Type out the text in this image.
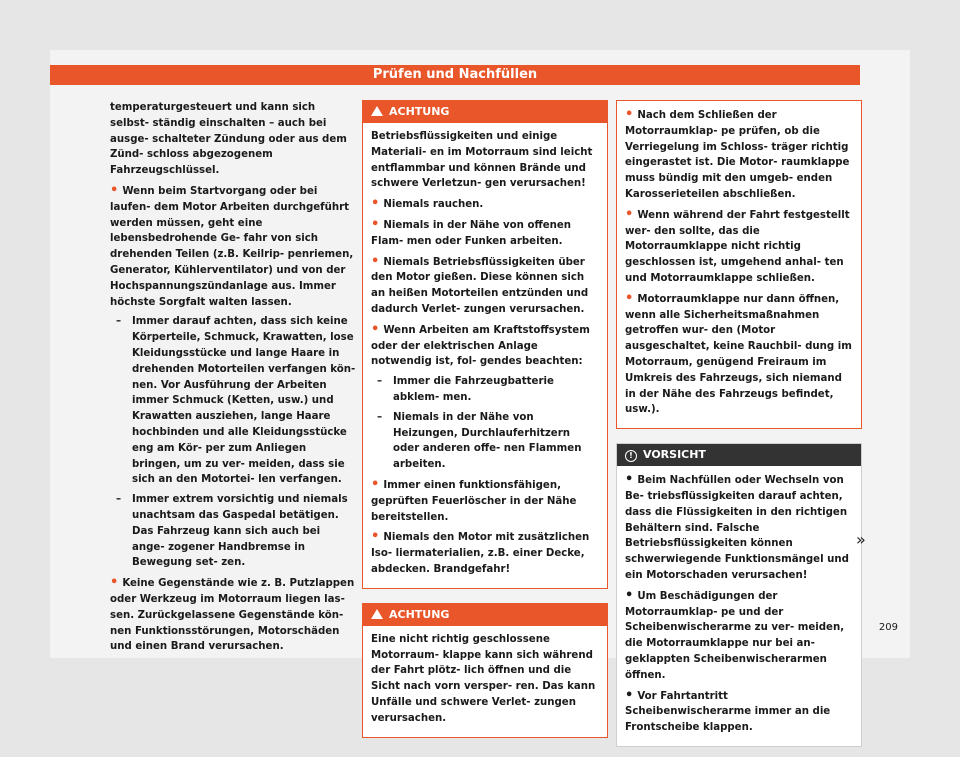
Prüfen und Nachfüllen

temperaturgesteuert und kann sich selbst- ständig einschalten – auch bei ausge- schalteter Zündung oder aus dem Zünd- schloss abgezogenem Fahrzeugschlüssel.

• Wenn beim Startvorgang oder bei laufen- dem Motor Arbeiten durchgeführt werden müssen, geht eine lebensbedrohende Ge- fahr von sich drehenden Teilen (z.B. Keilrip- penriemen, Generator, Kühlerventilator) und von der Hochspannungszündanlage aus. Immer höchste Sorgfalt walten lassen.
– Immer darauf achten, dass sich keine Körperteile, Schmuck, Krawatten, lose Kleidungsstücke und lange Haare in drehenden Motorteilen verfangen kön- nen. Vor Ausführung der Arbeiten immer Schmuck (Ketten, usw.) und Krawatten ausziehen, lange Haare hochbinden und alle Kleidungsstücke eng am Kör- per zum Anliegen bringen, um zu ver- meiden, dass sie sich an den Motortei- len verfangen.
– Immer extrem vorsichtig und niemals unachtsam das Gaspedal betätigen. Das Fahrzeug kann sich auch bei ange- zogener Handbremse in Bewegung set- zen.
• Keine Gegenstände wie z. B. Putzlappen oder Werkzeug im Motorraum liegen las- sen. Zurückgelassene Gegenstände kön- nen Funktionsstörungen, Motorschäden und einen Brand verursachen.
ACHTUNG

Betriebsflüssigkeiten und einige Materiali- en im Motorraum sind leicht entflammbar und können Brände und schwere Verletzun- gen verursachen!

• Niemals rauchen.
• Niemals in der Nähe von offenen Flam- men oder Funken arbeiten.
• Niemals Betriebsflüssigkeiten über den Motor gießen. Diese können sich an heißen Motorteilen entzünden und dadurch Verlet- zungen verursachen.
• Wenn Arbeiten am Kraftstoffsystem oder der elektrischen Anlage notwendig ist, fol- gendes beachten:
– Immer die Fahrzeugbatterie abklem- men.
– Niemals in der Nähe von Heizungen, Durchlauferhitzern oder anderen offe- nen Flammen arbeiten.
• Immer einen funktionsfähigen, geprüften Feuerlöscher in der Nähe bereitstellen.
• Niemals den Motor mit zusätzlichen Iso- liermaterialien, z.B. einer Decke, abdecken. Brandgefahr!
ACHTUNG

Eine nicht richtig geschlossene Motorraum- klappe kann sich während der Fahrt plötz- lich öffnen und die Sicht nach vorn versper- ren. Das kann Unfälle und schwere Verlet- zungen verursachen.

• Nach dem Schließen der Motorraumklap- pe prüfen, ob die Verriegelung im Schloss- träger richtig eingerastet ist. Die Motor- raumklappe muss bündig mit den umgeb- enden Karosserieteilen abschließen.
• Wenn während der Fahrt festgestellt wer- den sollte, das die Motorraumklappe nicht richtig geschlossen ist, umgehend anhal- ten und Motorraumklappe schließen.
• Motorraumklappe nur dann öffnen, wenn alle Sicherheitsmaßnahmen getroffen wur- den (Motor ausgeschaltet, keine Rauchbil- dung im Motorraum, genügend Freiraum im Umkreis des Fahrzeugs, sich niemand in der Nähe des Fahrzeugs befindet, usw.).
! VORSICHT
• Beim Nachfüllen oder Wechseln von Be- triebsflüssigkeiten darauf achten, dass die Flüssigkeiten in den richtigen Behältern sind. Falsche Betriebsflüssigkeiten können schwerwiegende Funktionsmängel und ein Motorschaden verursachen!
• Um Beschädigungen der Motorraumklap- pe und der Scheibenwischerarme zu ver- meiden, die Motorraumklappe nur bei an- geklappten Scheibenwischerarmen öffnen.
• Vor Fahrtantritt Scheibenwischerarme immer an die Frontscheibe klappen.
»
209
